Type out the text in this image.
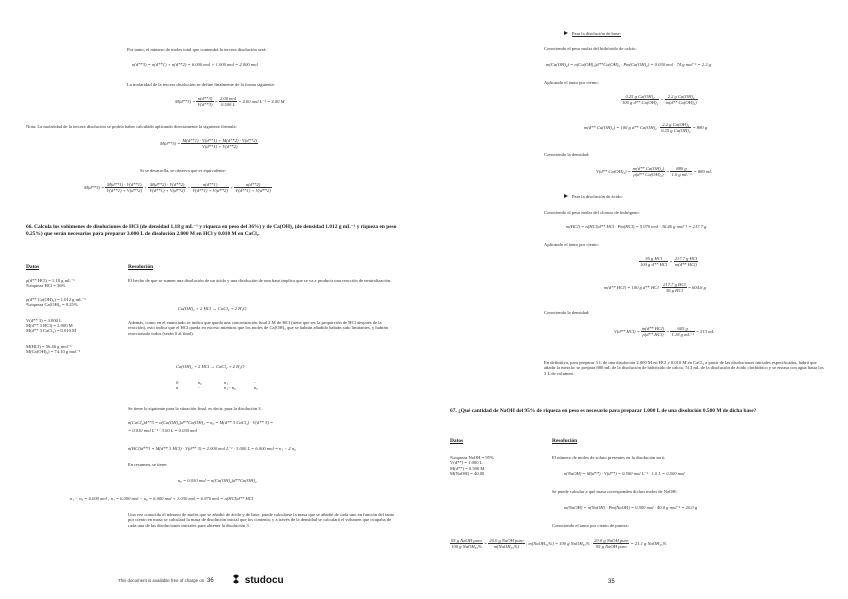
Por tanto, el número de moles total que contendrá la tercera disolución será:
n(d**3) = n(d**1) + n(d**2) = 6.000 mol + 1.000 mol = 2.000 mol
La molaridad de la tercera disolución se define finalmente de la forma siguiente:
$M(d**3) = \frac{n(d**3)}{V(d**3)} = \frac{\text{2.00 mol}}{0.500 L} = 4.00$ mol L⁻¹ = 4.00 M
Nota: La molaridad de la tercera disolución se podría haber calculado aplicando directamente la siguiente fórmula:
$M(d**3) = \frac{M(d**1) \cdot V(d**1) + M(d**2) \cdot V(d**2)}{V(d**1) + V(d**2)}$
Si se desarrolla, se observa que es equivalente:
$M(d**3) = \frac{M(d**1) \cdot V(d**1)}{V(d**1) + V(d**2)} + \frac{M(d**2) \cdot V(d**2)}{V(d**1) + V(d**2)} = \frac{n(d**1)}{V(d**1) + V(d**2)} + \frac{n(d**2)}{V(d**1) + V(d**2)}$
66. Calcula los volúmenes de disoluciones de HCl (de densidad 1.18 g mL⁻¹ y riqueza en peso del 36%) y de Ca(OH)₂ (de densidad 1.012 g mL⁻¹ y riqueza en peso 0.25%) que serán necesarios para preparar 3.000 L de disolución 2.000 M en HCl y 0.010 M en CaCl₂.
Datos	Resolución
ρ(d** HCl) = 1.18 g mL⁻¹
%riqueza HCl = 36%
ρ(d** Ca(OH)₂) = 1.012 g mL⁻¹
%riqueza Ca(OH)₂ = 0.25%
V(d** 3) = 3.000 L
M(d** 3 HCl) = 2.000 M
M(d** 3 CaCl₂) = 0.010 M
M(HCl) = 36.46 g mol⁻¹
M(Ca(OH)₂) = 74.10 g mol⁻¹
El hecho de que se sumen una disolución de un ácido y una disolución de una base implica que se va a producir una reacción de neutralización.
Ca(OH)₂ + 2 HCl → CaCl₂ + 2 H₂O
Además, como en el enunciado se indica que queda una concentración final 2 M de HCl (tiene que ser la proporción de HCl después de la reacción), esto indica que el HCl queda en exceso mientras que los moles de Ca(OH)₂ que se habrán añadido habrán sido limitantes, y habrán reaccionado todos (serán 0 al final).
Ca(OH)₂ + 2 HCl → CaCl₂ + 2 H₂O
0	n₀	n₁	-
n	-	n₁ - n₀	n₀
Se tiene lo siguiente para la situación final, es decir, para la disolución 3.
n(CaCl₂)d**3 = n(Ca(OH)₂)d**Ca(OH)₂ = n₀ = M(d** 3 CaCl₂) · V(d** 3) =
= 0.010 mol L⁻¹ · 3.00 L = 0.030 mol
n(HCl)d**3 = M(d** 3 HCl) · V(d** 3) = 2.000 mol L⁻¹ · 3.000 L = 6.000 mol = n₁ − 2 n₀
En resumen, se tiene:
n₀ = 0.030 mol = n(Ca(OH)₂)d**Ca(OH)₂
n₁ − n₀ = 6.000 mol ; n₁ = 6.000 mol − n₀ = 6.000 mol + 1.030 mol = 6.970 mol = n(HCl)d** HCl
Una vez conocido el número de moles que se añadió de ácido y de base, puede calcularse la masa que se añadió de cada uno en función del tanto por ciento en masa se calculará la masa de disolución inicial que los contenía, y a través de la densidad se calculará el volumen que ocupaba de cada una de las disoluciones iniciales para obtener la disolución 3.
This document is available free of charge on 36	studocu
Para la disolución de base:
Conociendo el peso molar del hidróxido de calcio:
m(Ca(OH)₂) = n(Ca(OH)₂)d**Ca(OH)₂ · Pm(Ca(OH)₂) = 0.030 mol · 74 g mol⁻¹ = 2.2 g
Aplicando el tanto por ciento:
$\frac{\text{0.25 g Ca(OH)₂}}{\text{100 g d** Ca(OH)₂}} = \frac{\text{2.2 g Ca(OH)₂}}{\text{m(d** Ca(OH)₂)}}$
m(d** Ca(OH)₂) = 100 g d** $Ca(OH)_2 \cdot \frac{\text{2.2 g Ca(OH)₂}}{\text{0.25 g Ca(OH)₂}} = 880$ g
Conociendo la densidad:
V(d** $Ca(OH)_2) = \frac{\text{m(d** Ca(OH)₂)}}{\text{ρ(d** Ca(OH)₂)}} = \frac{880 g}{\text{1.0 g mL⁻¹}} = 880$ mL
Para la disolución de ácido:
Conociendo el peso molar del cloruro de hidrógeno:
m(HCl) = n(HCl)d** HCl · Pm(HCl) = 5.970 mol · 36.46 g mol⁻¹ = 217.7 g
Aplicando el tanto por ciento:
$\frac{\text{36 g HCl}}{\text{100 g d** HCl}} = \frac{\text{217.7 g HCl}}{\text{m(d** HCl)}}$
m(d** HCl) = 100 g d** HCl · $\frac{\text{217.7 g HCl}}{\text{36 g HCl}} = 604.6$ g
Conociendo la densidad:
V(d** $HCl) = \frac{\text{m(d** HCl)}}{\text{ρ(d** HCl)}} = \frac{605 g}{\text{1.18 g mL⁻¹}} = 513$ mL
En definitiva, para preparar 3 L de una disolución 2.000 M en HCl y 0.010 M en CaCl₂ a partir de las disoluciones iniciales especificadas, habrá que añadir la mezcla: se prepara 880 mL de la disolución de hidróxido de calcio, 513 mL de la disolución de ácido clorhídrico y se enrasa con agua hasta los 3 L de volumen.
67. ¿Qué cantidad de NaOH del 95% de riqueza en peso es necesario para preparar 1.000 L de una disolución 0.500 M de dicha base?
Datos	Resolución
%riqueza NaOH = 95%
V(d**) = 1.000 L
M(d**) = 0.500 M
M(NaOH) = 40.00
El número de moles de soluto presentes en la disolución será:
n(NaOH) = M(d**) · V(d**) = 0.500 mol L⁻¹ · 1.0 L = 0.500 mol
Se puede calcular a qué masa corresponden dichos moles de NaOH:
m(NaOH) = n(NaOH) · Pm(NaOH) = 0.500 mol · 40.0 g mol⁻¹ = 20.0 g
Conociendo el tanto por ciento de pureza:
$\frac{\text{95 g NaOH puro}}{\text{100 g NaOH₉₅\%}} = \frac{\text{20.0 g NaOH puro}}{\text{m(NaOH₉₅\%)}}$ ; m(NaOH₉₅%) = 100 g NaOH₉₅% · $\frac{\text{20.0 g NaOH puro}}{\text{95 g NaOH puro}} = 21.1$ g NaOH₉₅%
35
